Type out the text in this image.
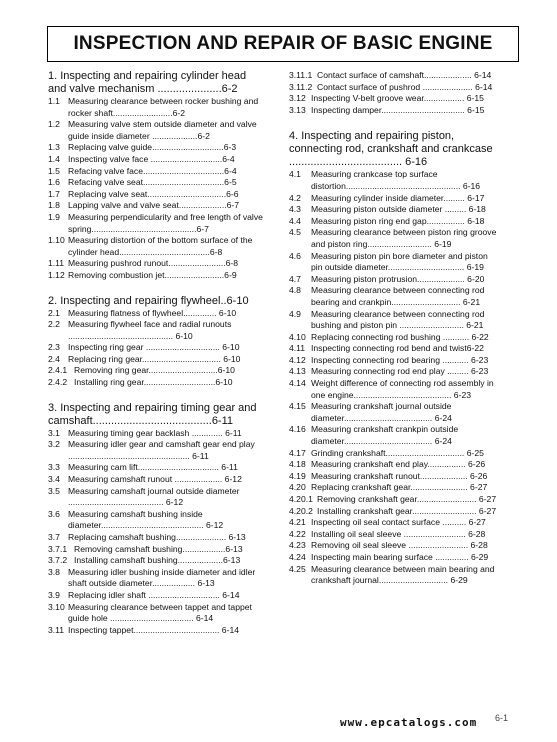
INSPECTION AND REPAIR OF BASIC ENGINE
1. Inspecting and repairing cylinder head and valve mechanism .....................6-2
1.1 Measuring clearance between rocker bushing and rocker shaft.........................6-2
1.2 Measuring valve stem outside diameter and valve guide inside diameter ...................6-2
1.3 Replacing valve guide..............................6-3
1.4 Inspecting valve face ..............................6-4
1.5 Refacing valve face..................................6-4
1.6 Refacing valve seat..................................6-5
1.7 Replacing valve seat.................................6-6
1.8 Lapping valve and valve seat....................6-7
1.9 Measuring perpendicularity and free length of valve spring............................................6-7
1.10 Measuring distortion of the bottom surface of the cylinder head......................................6-8
1.11 Measuring pushrod runout........................6-8
1.12 Removing combustion jet.........................6-9
2. Inspecting and repairing flywheel..6-10
2.1 Measuring flatness of flywheel.............. 6-10
2.2 Measuring flywheel face and radial runouts ............................................ 6-10
2.3 Inspecting ring gear ............................... 6-10
2.4 Replacing ring gear................................. 6-10
2.4.1 Removing ring gear.............................6-10
2.4.2 Installing ring gear..............................6-10
3. Inspecting and repairing timing gear and camshaft.......................................6-11
3.1 Measuring timing gear backlash ............. 6-11
3.2 Measuring idler gear and camshaft gear end play ................................................... 6-11
3.3 Measuring cam lift.................................. 6-11
3.4 Measuring camshaft runout .................... 6-12
3.5 Measuring camshaft journal outside diameter ........................................ 6-12
3.6 Measuring camshaft bushing inside diameter........................................... 6-12
3.7 Replacing camshaft bushing..................... 6-13
3.7.1 Removing camshaft bushing..................6-13
3.7.2 Installing camshaft bushing...................6-13
3.8 Measuring idler bushing inside diameter and idler shaft outside diameter.................. 6-13
3.9 Replacing idler shaft .............................. 6-14
3.10 Measuring clearance between tappet and tappet guide hole ................................... 6-14
3.11 Inspecting tappet.................................... 6-14
3.11.1 Contact surface of camshaft.................... 6-14
3.11.2 Contact surface of pushrod ..................... 6-14
3.12 Inspecting V-belt groove wear................. 6-15
3.13 Inspecting damper................................... 6-15
4. Inspecting and repairing piston, connecting rod, crankshaft and crankcase ..................................... 6-16
4.1	Measuring crankcase top surface distortion................................................ 6-16
4.2	Measuring cylinder inside diameter......... 6-17
4.3	Measuring piston outside diameter ......... 6-18
4.4	Measuring piston ring end gap................ 6-18
4.5	Measuring clearance between piston ring groove and piston ring........................... 6-19
4.6	Measuring piston pin bore diameter and piston pin outside diameter................................ 6-19
4.7	Measuring piston protrusion.................... 6-20
4.8	Measuring clearance between connecting rod bearing and crankpin............................. 6-21
4.9	Measuring clearance between connecting rod bushing and piston pin ........................... 6-21
4.10 Replacing connecting rod bushing ........... 6-22
4.11 Inspecting connecting rod bend and twist6-22
4.12 Inspecting connecting rod bearing ........... 6-23
4.13 Measuring connecting rod end play ......... 6-23
4.14 Weight difference of connecting rod assembly in one engine......................................... 6-23
4.15 Measuring crankshaft journal outside diameter..................................... 6-24
4.16 Measuring crankshaft crankpin outside diameter..................................... 6-24
4.17 Grinding crankshaft................................. 6-25
4.18 Measuring crankshaft end play................ 6-26
4.19 Measuring crankshaft runout.................... 6-26
4.20 Replacing crankshaft gear........................ 6-27
4.20.1 Removing crankshaft gear......................... 6-27
4.20.2 Installing crankshaft gear........................... 6-27
4.21 Inspecting oil seal contact surface .......... 6-27
4.22 Installing oil seal sleeve .......................... 6-28
4.23 Removing oil seal sleeve ......................... 6-28
4.24 Inspecting main bearing surface .............. 6-29
4.25 Measuring clearance between main bearing and crankshaft journal............................. 6-29
www.epcatalogs.com 6-1
